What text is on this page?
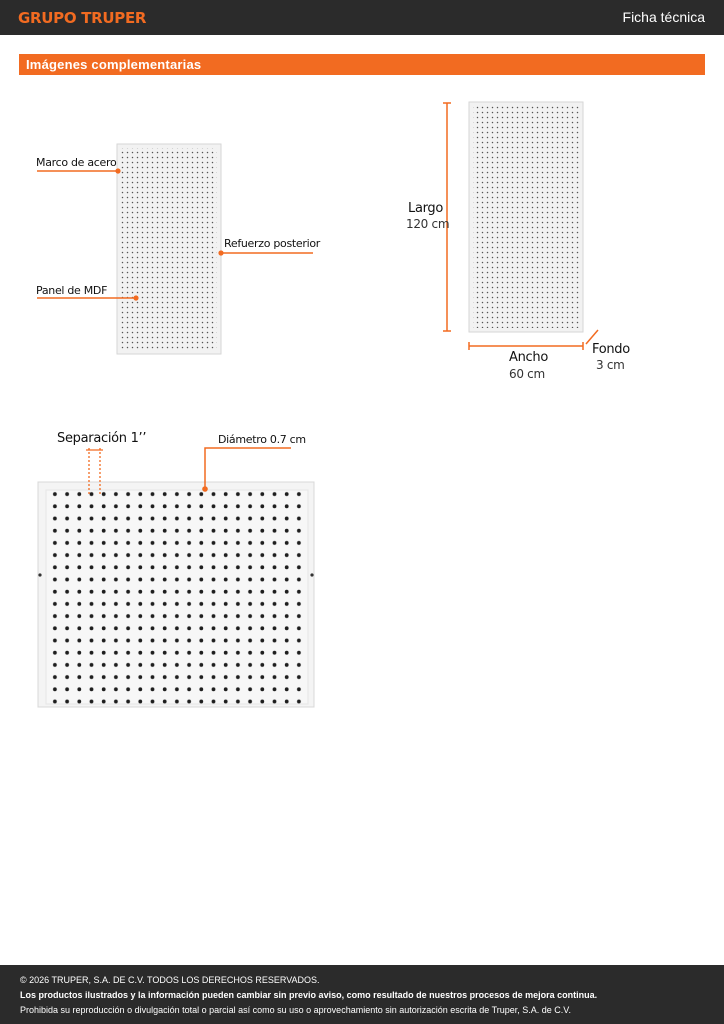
GRUPO TRUPER	Ficha técnica
Imágenes complementarias
Marco de acero
Refuerzo posterior
Panel de MDF
Largo
120 cm
Ancho
60 cm
Fondo
3 cm
Separación 1’’	Diámetro 0.7 cm
© 2026 TRUPER, S.A. DE C.V. TODOS LOS DERECHOS RESERVADOS.
Los productos ilustrados y la información pueden cambiar sin previo aviso, como resultado de nuestros procesos de mejora continua.
Prohibida su reproducción o divulgación total o parcial así como su uso o aprovechamiento sin autorización escrita de Truper, S.A. de C.V.
